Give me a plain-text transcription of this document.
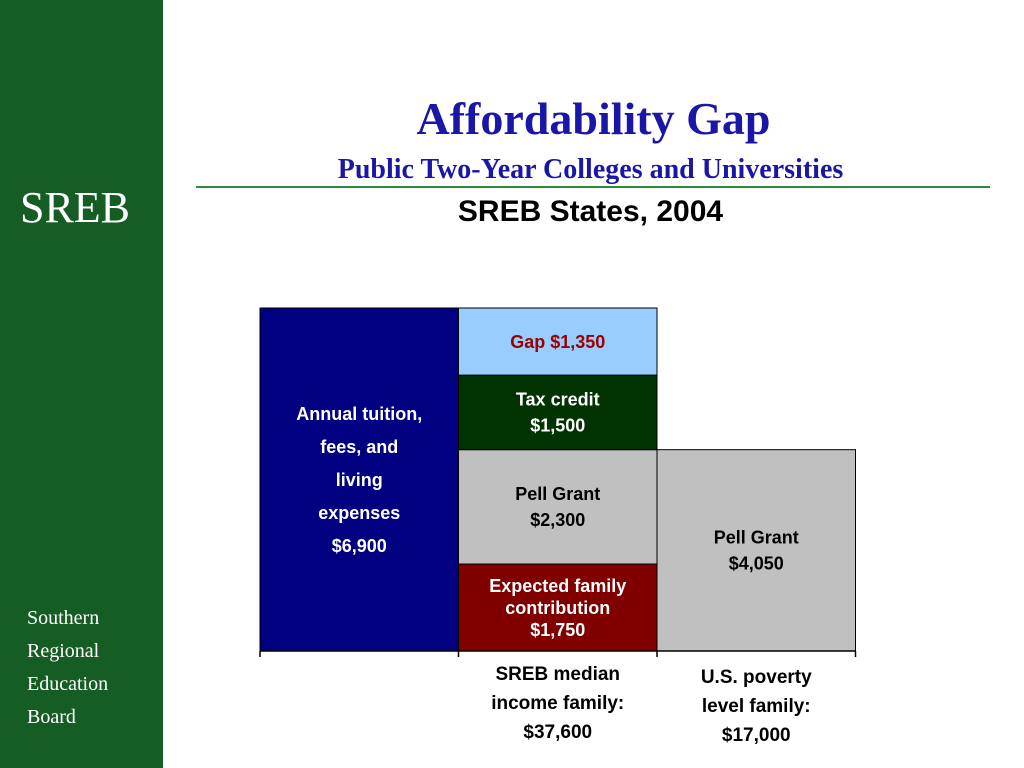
SREB
Southern
Regional
Education
Board
Affordability Gap
Public Two-Year Colleges and Universities
SREB States, 2004
Annual tuition,
fees, and
living
expenses
$6,900
Expected family
contribution
$1,750
Pell Grant
$2,300
Tax credit
$1,500
Gap $1,350
Pell Grant
$4,050
SREB median
income family:
$37,600
U.S. poverty
level family:
$17,000
